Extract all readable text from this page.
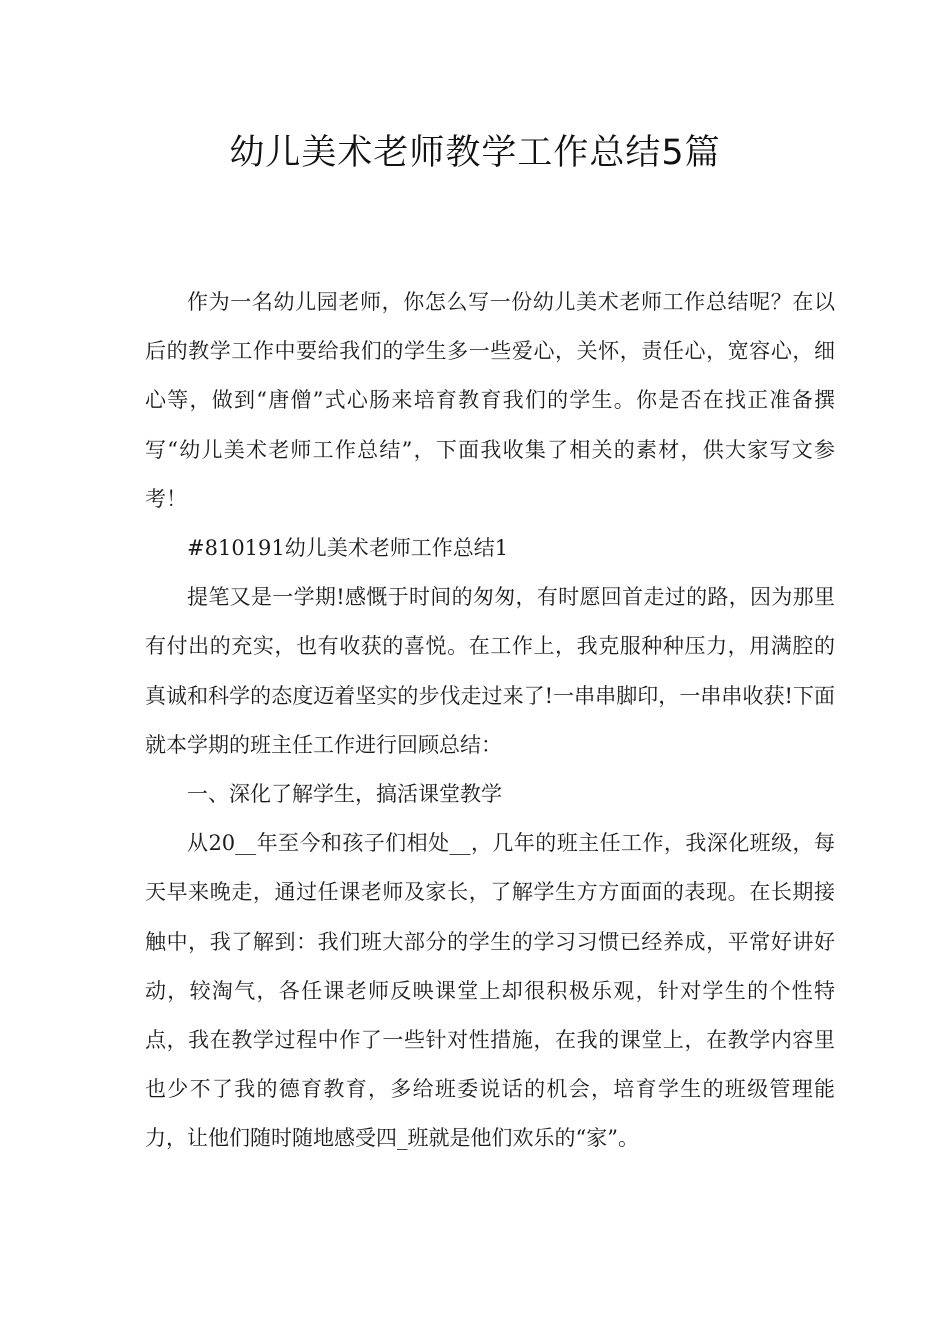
幼儿美术老师教学工作总结5篇

作为一名幼儿园老师，你怎么写一份幼儿美术老师工作总结呢？在以后的教学工作中要给我们的学生多一些爱心，关怀，责任心，宽容心，细心等，做到“唐僧”式心肠来培育教育我们的学生。你是否在找正准备撰写“幼儿美术老师工作总结”，下面我收集了相关的素材，供大家写文参考！

#810191幼儿美术老师工作总结1

提笔又是一学期!感慨于时间的匆匆，有时愿回首走过的路，因为那里有付出的充实，也有收获的喜悦。在工作上，我克服种种压力，用满腔的真诚和科学的态度迈着坚实的步伐走过来了!一串串脚印，一串串收获!下面就本学期的班主任工作进行回顾总结：

一、深化了解学生，搞活课堂教学

从20__年至今和孩子们相处__，几年的班主任工作，我深化班级，每天早来晚走，通过任课老师及家长，了解学生方方面面的表现。在长期接触中，我了解到：我们班大部分的学生的学习习惯已经养成，平常好讲好动，较淘气，各任课老师反映课堂上却很积极乐观，针对学生的个性特点，我在教学过程中作了一些针对性措施，在我的课堂上，在教学内容里也少不了我的德育教育，多给班委说话的机会，培育学生的班级管理能力，让他们随时随地感受四_班就是他们欢乐的“家”。
